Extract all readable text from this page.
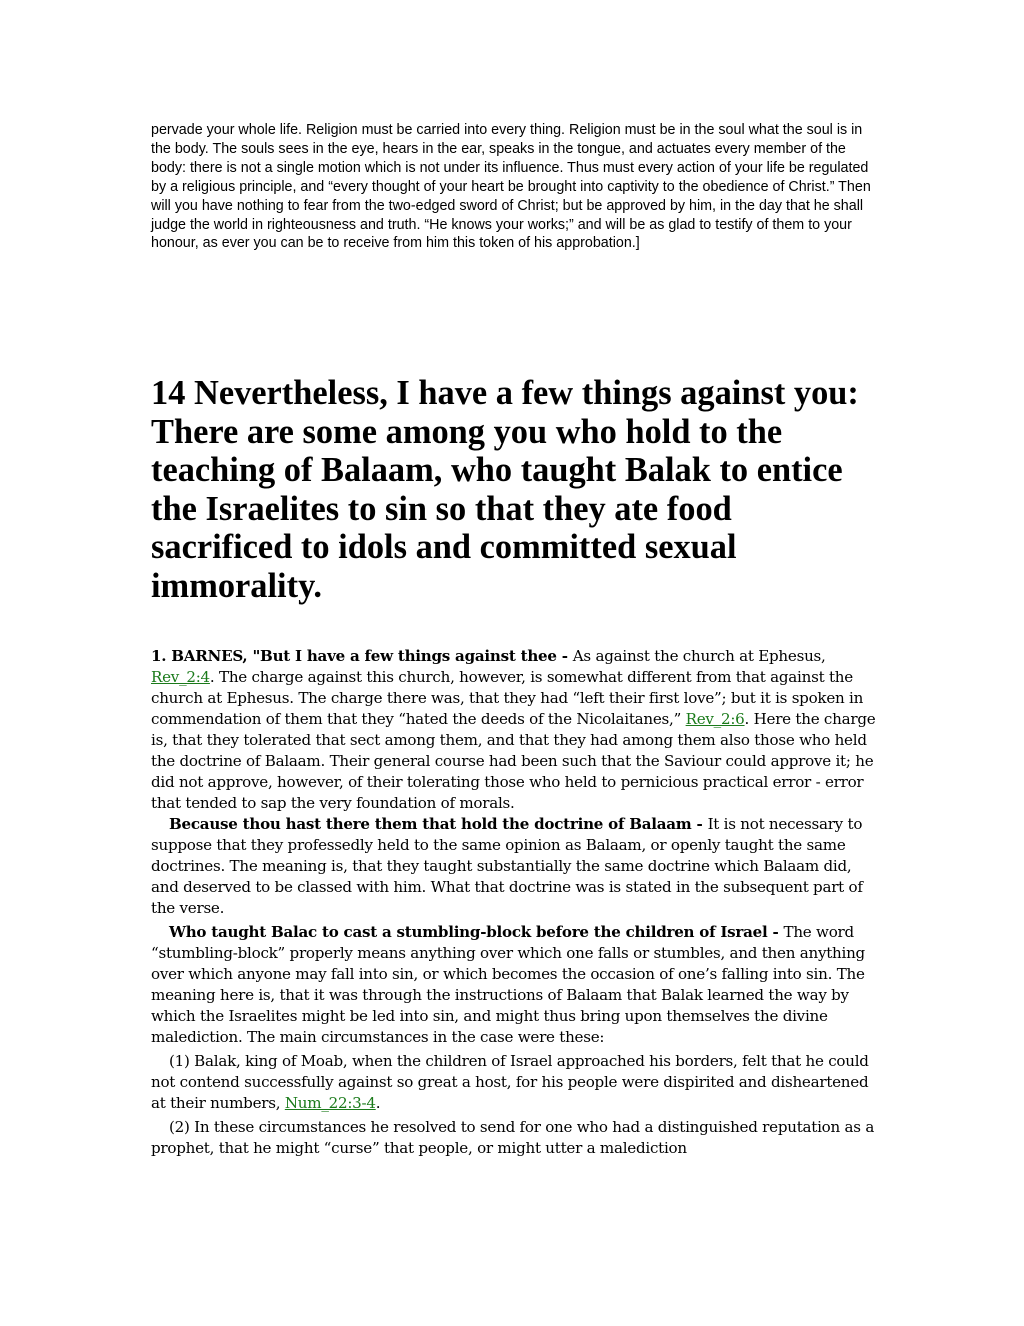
pervade your whole life. Religion must be carried into every thing. Religion must be in the soul what the soul is in the body. The souls sees in the eye, hears in the ear, speaks in the tongue, and actuates every member of the body: there is not a single motion which is not under its influence. Thus must every action of your life be regulated by a religious principle, and “every thought of your heart be brought into captivity to the obedience of Christ.” Then will you have nothing to fear from the two-edged sword of Christ; but be approved by him, in the day that he shall judge the world in righteousness and truth. “He knows your works;” and will be as glad to testify of them to your honour, as ever you can be to receive from him this token of his approbation.]

14 Nevertheless, I have a few things against you: There are some among you who hold to the teaching of Balaam, who taught Balak to entice the Israelites to sin so that they ate food sacrificed to idols and committed sexual immorality.

1. BARNES, "But I have a few things against thee - As against the church at Ephesus, Rev_2:4. The charge against this church, however, is somewhat different from that against the church at Ephesus. The charge there was, that they had “left their first love”; but it is spoken in commendation of them that they “hated the deeds of the Nicolaitanes,” Rev_2:6. Here the charge is, that they tolerated that sect among them, and that they had among them also those who held the doctrine of Balaam. Their general course had been such that the Saviour could approve it; he did not approve, however, of their tolerating those who held to pernicious practical error - error that tended to sap the very foundation of morals.

Because thou hast there them that hold the doctrine of Balaam - It is not necessary to suppose that they professedly held to the same opinion as Balaam, or openly taught the same doctrines. The meaning is, that they taught substantially the same doctrine which Balaam did, and deserved to be classed with him. What that doctrine was is stated in the subsequent part of the verse.

Who taught Balac to cast a stumbling-block before the children of Israel - The word “stumbling-block” properly means anything over which one falls or stumbles, and then anything over which anyone may fall into sin, or which becomes the occasion of one’s falling into sin. The meaning here is, that it was through the instructions of Balaam that Balak learned the way by which the Israelites might be led into sin, and might thus bring upon themselves the divine malediction. The main circumstances in the case were these:

(1) Balak, king of Moab, when the children of Israel approached his borders, felt that he could not contend successfully against so great a host, for his people were dispirited and disheartened at their numbers, Num_22:3-4.

(2) In these circumstances he resolved to send for one who had a distinguished reputation as a prophet, that he might “curse” that people, or might utter a malediction
